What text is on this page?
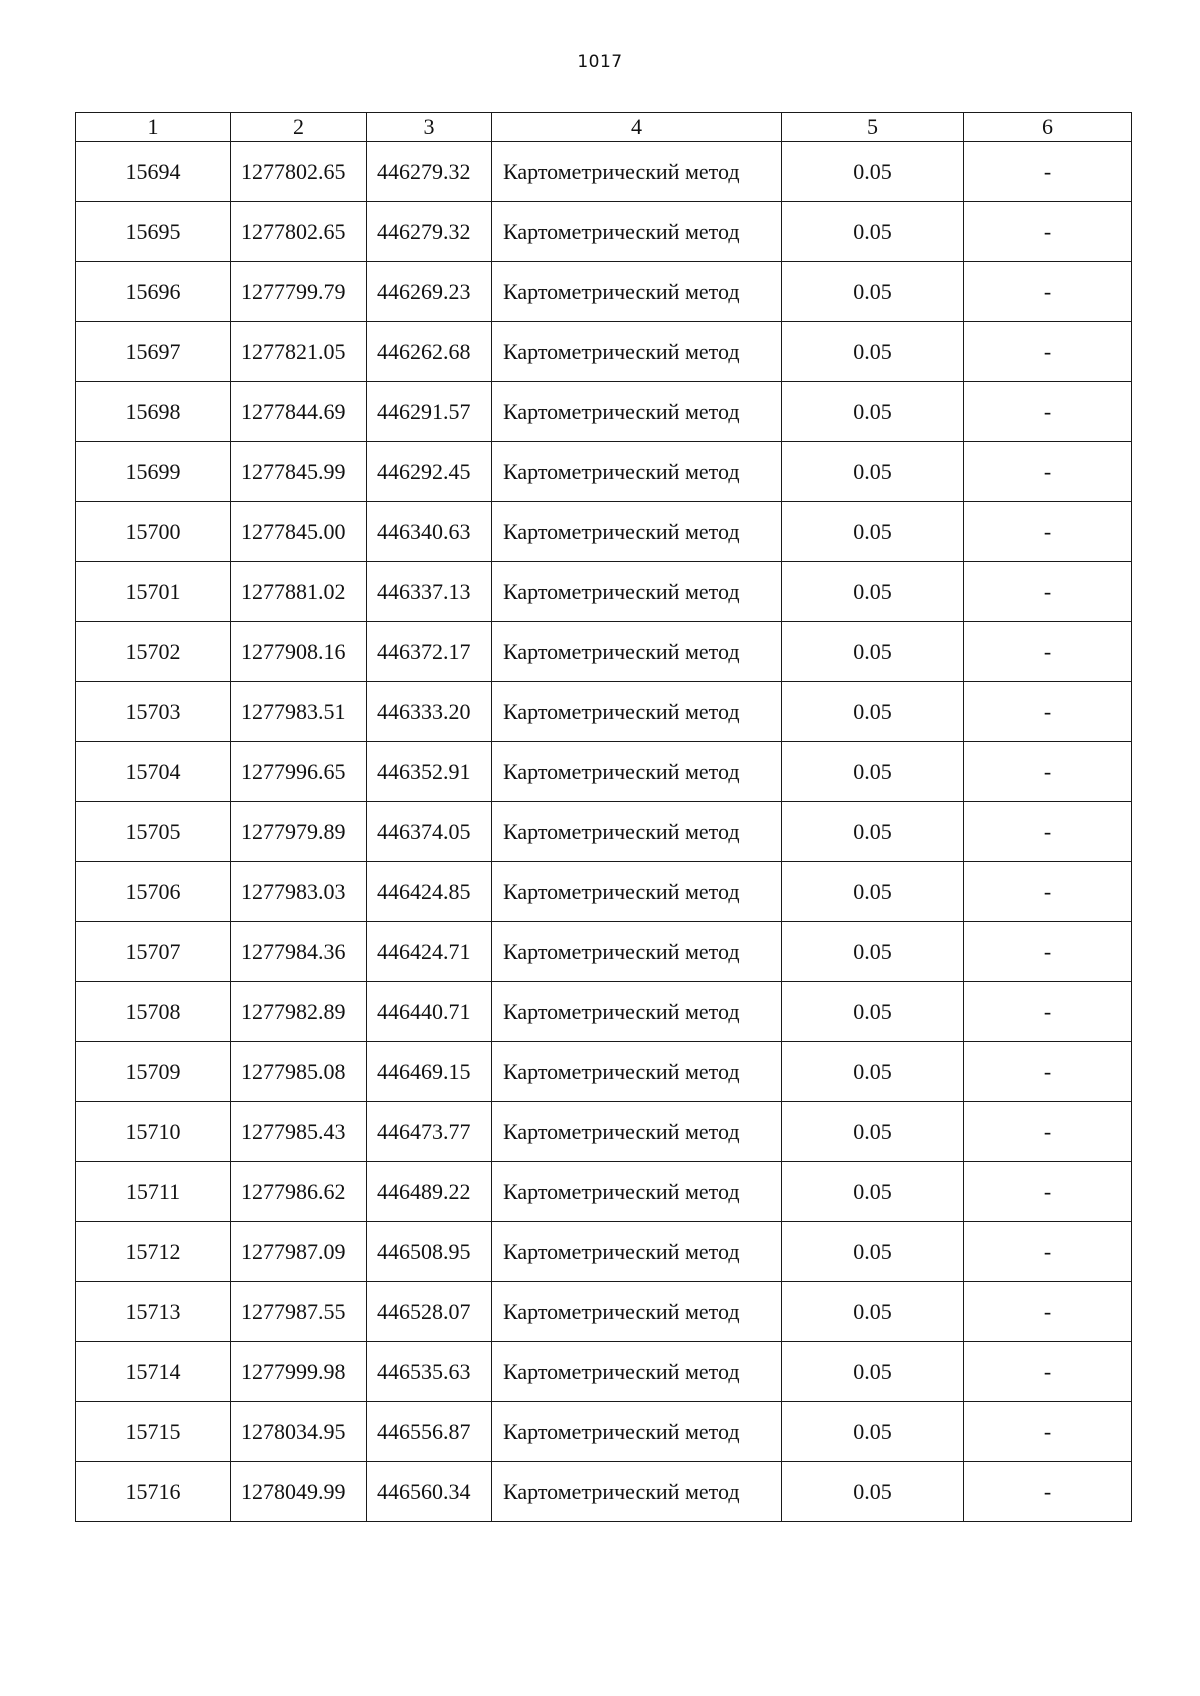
1017
1	2	3	4	5	6
15694	1277802.65	446279.32	Картометрический метод	0.05	-
15695	1277802.65	446279.32	Картометрический метод	0.05	-
15696	1277799.79	446269.23	Картометрический метод	0.05	-
15697	1277821.05	446262.68	Картометрический метод	0.05	-
15698	1277844.69	446291.57	Картометрический метод	0.05	-
15699	1277845.99	446292.45	Картометрический метод	0.05	-
15700	1277845.00	446340.63	Картометрический метод	0.05	-
15701	1277881.02	446337.13	Картометрический метод	0.05	-
15702	1277908.16	446372.17	Картометрический метод	0.05	-
15703	1277983.51	446333.20	Картометрический метод	0.05	-
15704	1277996.65	446352.91	Картометрический метод	0.05	-
15705	1277979.89	446374.05	Картометрический метод	0.05	-
15706	1277983.03	446424.85	Картометрический метод	0.05	-
15707	1277984.36	446424.71	Картометрический метод	0.05	-
15708	1277982.89	446440.71	Картометрический метод	0.05	-
15709	1277985.08	446469.15	Картометрический метод	0.05	-
15710	1277985.43	446473.77	Картометрический метод	0.05	-
15711	1277986.62	446489.22	Картометрический метод	0.05	-
15712	1277987.09	446508.95	Картометрический метод	0.05	-
15713	1277987.55	446528.07	Картометрический метод	0.05	-
15714	1277999.98	446535.63	Картометрический метод	0.05	-
15715	1278034.95	446556.87	Картометрический метод	0.05	-
15716	1278049.99	446560.34	Картометрический метод	0.05	-
